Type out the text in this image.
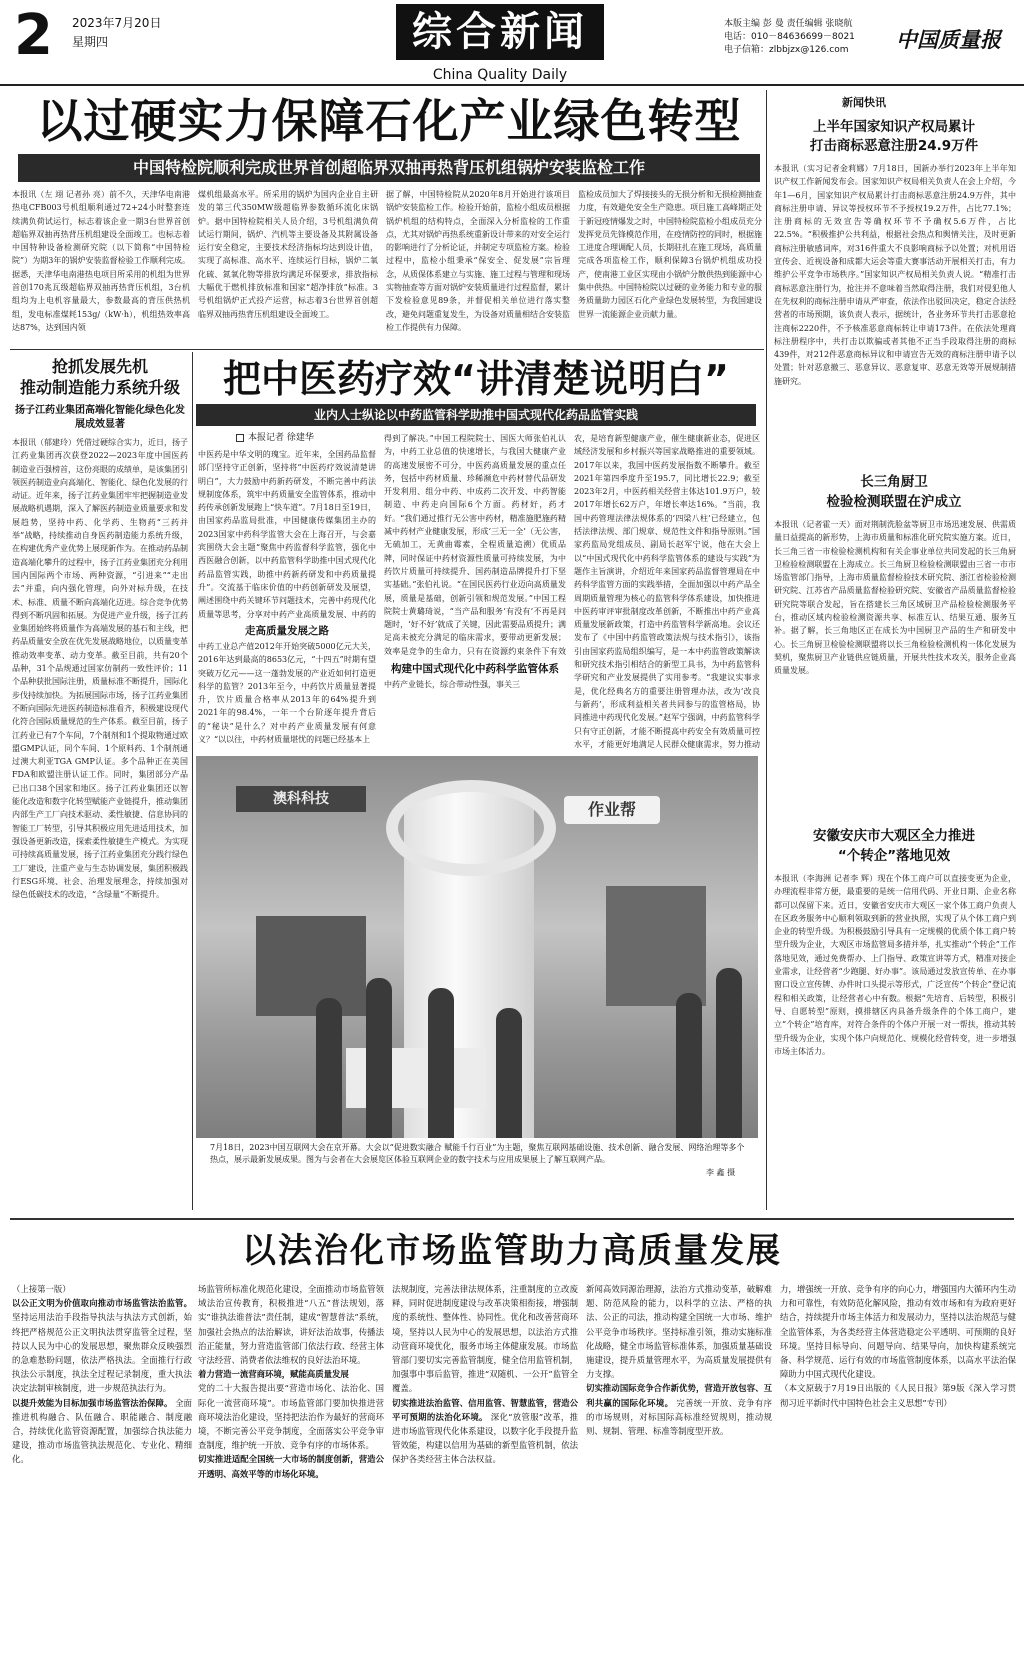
2 2023年7月20日
星期四	综合新闻
China Quality Daily
本版主编 彭 曼 责任编辑 张晓航
电话：010－84636699－8021
电子信箱：zlbbjzx@126.com	中国质量报
以过硬实力保障石化产业绿色转型
中国特检院顺利完成世界首创超临界双抽再热背压机组锅炉安装监检工作
本报讯（左 翊 记者孙 亮）前不久，天津华电南港热电CFB003号机组顺利通过72+24小时整套连续满负荷试运行，标志着该企业一期3台世界首创超临界双抽再热背压机组建设全面竣工。也标志着中国特种设备检测研究院（以下简称“中国特检院”）为期3年的锅炉安装监督检验工作顺利完成。据悉，天津华电南港热电项目所采用的机组为世界首创170兆瓦级超临界双抽再热背压机组，3台机组均为上电机容量最大，参数最高的背压供热机组，发电标准煤耗153g/（kW·h），机组热效率高达87%，达到国内领
煤机组最高水平。所采用的锅炉为国内企业自主研发的第三代350MW级超临界参数循环流化床锅炉。据中国特检院相关人员介绍，3号机组满负荷试运行期间，锅炉、汽机等主要设备及其附属设备运行安全稳定，主要技术经济指标均达到设计值，实现了高标准、高水平、连续运行目标，锅炉二氧化硫、氮氧化物等排放均满足环保要求，排放指标大幅优于燃机排放标准和国家“超净排放”标准。3号机组锅炉正式投产运营，标志着3台世界首创超临界双抽再热背压机组建设全面竣工。
据了解，中国特检院从2020年8月开始进行该项目锅炉安装监检工作。检验开始前，监检小组成员根据锅炉机组的结构特点，全面深入分析监检的工作重点，尤其对锅炉再热系统重新设计带来的对安全运行的影响进行了分析论证，并制定专项监检方案。检验过程中，监检小组秉承“保安全、促发展”宗旨理念，从质保体系建立与实施、施工过程与管理和现场实物抽查等方面对锅炉安装质量进行过程监督，累计下发检验意见89条，并督促相关单位进行落实整改，避免问题重复发生，为设备对质量相结合安装监检工作提供有力保障。
监检成员加大了焊接接头的无损分析和无损检测抽查力度，有效避免安全生产隐患。项目施工高峰期正处于新冠疫情爆发之时，中国特检院监检小组成员充分发挥党员先锋模范作用，在疫情防控的同时，根据施工进度合理调配人员，长期驻扎在施工现场，高质量完成各项监检工作，顺利保障3台锅炉机组成功投产，使南港工业区实现由小锅炉分散供热到能源中心集中供热。中国特检院以过硬的业务能力和专业的服务质量助力园区石化产业绿色发展转型，为我国建设世界一流能源企业贡献力量。
抢抓发展先机
推动制造能力系统升级
扬子江药业集团高端化智能化绿色化发展成效显著
本报讯（郁建玲）凭借过硬综合实力，近日，扬子江药业集团再次获登2022—2023年度中国医药制造业百强榜首，这份亮眼的成绩单，是该集团引领医药制造业向高端化、智能化、绿色化发展的行动证。近年来，扬子江药业集团牢牢把握制造业发展战略机遇期，深入了解医药制造业质量要求和发展趋势，坚持中药、化学药、生物药“三药并举”战略，持续推动自身医药制造能力系统升级，在构建优秀产业优势上展现新作为。在推动药品制造高端化攀升的过程中，扬子江药业集团充分利用国内国际两个市场、两种资源，“引进来”“走出去”并重，向内强化管理，向外对标升级，在技术、标准、质量不断向高端化迈进。综合竞争优势得到不断巩固和拓展。为促进产业升级，扬子江药业集团始终将质量作为高端发展的基石和主线，把药品质量安全放在优先发展战略地位，以质量变革推动效率变革、动力变革。截至目前，共有20个品种，31个品规通过国家仿制药一致性评价；11个品种获批国际注册，质量标准不断提升，国际化步伐持续加快。为拓展国际市场，扬子江药业集团不断向国际先进医药制造标准看齐，积极建设现代化符合国际质量规范的生产体系。截至目前，扬子江药业已有7个车间，7个制剂和1个提取物通过欧盟GMP认证，同个车间、1个原料药、1个制剂通过澳大利亚TGA GMP认证。多个品种正在美国FDA和欧盟注册认证工作。同时，集团部分产品已出口38个国家和地区。扬子江药业集团还以智能化改造和数字化转型赋能产业链提升，推动集团内部生产工厂向技术驱动、柔性敏捷、信息协同的智能工厂转型，引导其积极应用先进适用技术，加强设备更新改造，探索柔性敏捷生产模式。为实现可持续高质量发展，扬子江药业集团充分践行绿色工厂建设，注重产业与生态协调发展，集团积极践行ESG环境、社会、治理发展理念，持续加强对绿色低碳技术的改造，“含绿量”不断提升。
把中医药疗效“讲清楚说明白”
业内人士纵论以中药监管科学助推中国式现代化药品监管实践
本报记者 徐建华
中医药是中华文明的瑰宝。近年来，全国药品监督部门坚持守正创新，坚持将“中医药疗效说清楚讲明白”，大力鼓励中药新药研发，不断完善中药法规制度体系，筑牢中药质量安全监管体系，推动中药传承创新发展跑上“快车道”。7月18日至19日，由国家药品监局批准，中国健康传媒集团主办的2023国家中药科学监管大会在上海召开，与会嘉宾围绕大会主题“聚焦中药监督科学监管，强化中西医融合创新，以中药监管科学助推中国式现代化药品监管实践，助推中药新药研发和中药质量提升”。交流基于临床价值的中药创新研发及展望，阐述围绕中药关键环节问题技术，完善中药现代化质量等思考，分享对中药产业高质量发展、中药的
走高质量发展之路
中药工业总产值2012年开始突破5000亿元大关，2016年达到最高的8653亿元，“十四五”时期有望突破万亿元——这一蓬勃发展的产业近如何打造更科学的监管？2013年至今，中药饮片质量显著提升，饮片质量合格率从2013年的64%提升到2021年的98.4%，一年一个台阶逐年提升背后的“秘诀”是什么？对中药产业质量发展有何意义？“以以往，中药材质量堪忧的问题已经基本上
得到了解决。”中国工程院院士、国医大师张伯礼认为，中药工业总值的快速增长，与我国大健康产业的高速发展密不可分，中医药高质量发展的重点任务，包括中药材质量、珍稀濒危中药材替代品研发开发利用、组分中药、中成药二次开发、中药智能制造、中药走向国际6个方面。药材好，药才好。“我们通过推行无公害中药材，精准施肥施药精减中药材产业健康发展，形成‘三无一全’（无公害，无硫加工，无黄曲霉素，全程质量追溯）优质品牌，同时保证中药材资源性质量可持续发展，为中药饮片质量可持续提升、国药制造品牌提升打下坚实基础。”张伯礼说。“在国民医药行业迈向高质量发展，质量是基础，创新引领和规范发展。”中国工程院院士黄璐琦说，“当产品和服务‘有没有’不再是问题时，‘好不好’就成了关键，因此需要品质提升；满足高未被充分满足的临床需求，要带动更新发展；效率是竞争的生命力，只有在资源约束条件下有效
构建中国式现代化中药科学监管体系
中药产业链长，综合带动性强，事关三
农，是培育新型健康产业，催生健康新业态，促进区域经济发展和乡村振兴等国家战略推进的重要领域。2017年以来，我国中医药发展指数不断攀升。截至2021年第四季度升至195.7，同比增长22.9；截至2023年2月，中医药相关经营主体达101.9万户，较2017年增长62万户，年增长率达16%。“当前，我国中药管理法律法规体系的‘四梁八柱’已经建立，包括法律法规、部门规章、规范性文件和指导原则。”国家药监局党组成员、副局长赵军宁说，他在大会上以“中国式现代化中药科学监管体系的建设与实践”为题作主旨演讲，介绍近年来国家药品监督管理局在中药科学监管方面的实践举措，全面加强以中药产品全周期质量管理为核心的监管科学体系建设，加快推进中医药审评审批制度改革创新，不断推出中药产业高质量发展新政策，打造中药监管科学新高地。会议还发布了《中国中药监管政策法规与技术指引》，该指引由国家药监局组织编写，是一本中药监管政策解读和研究技术指引相结合的新型工具书，为中药监管科学研究和产业发展提供了实用参考。“我建议实事求是，优化经典名方的重要注册管理办法，改为‘改良与新药’，形成利益相关者共同参与的监管格局，协同推进中药现代化发展。”赵军宁强调，中药监管科学只有守正创新，才能不断提高中药安全有效质量可控水平，才能更好地满足人民群众健康需求，努力推动
澳科科技
作业帮
7月18日，2023中国互联网大会在京开幕。大会以“促进数实融合 赋能千行百业”为主题，聚焦互联网基础设施、技术创新、融合发展、网络治理等多个热点，展示最新发展成果。图为与会者在大会展览区体验互联网企业的数字技术与应用成果展上了解互联网产品。
李 鑫 摄
新闻快讯
上半年国家知识产权局累计
打击商标恶意注册24.9万件
本报讯（实习记者金莉娜）7月18日，国新办举行2023年上半年知识产权工作新闻发布会。国家知识产权局相关负责人在会上介绍，今年1—6月，国家知识产权局累计打击商标恶意注册24.9万件，其中商标注册申请、异议等授权环节不予授权19.2万件，占比77.1%；注册商标的无效宣告等确权环节不予确权5.6万件，占比22.5%。“积极推护公共利益，根据社会热点和舆情关注，及时更新商标注册敏感词库，对316件重大不良影响商标予以处置；对机用语宣传会、近视设备和成都大运会等重大赛事活动开展相关打击，有力维护公平竞争市场秩序。”国家知识产权局相关负责人说。“精准打击商标恶意注册行为，抢注并不意味着当然取得注册，我们对侵犯他人在先权利的商标注册申请从严审查，依法作出驳回决定，稳定合法经营者的市场预期，该负责人表示，据统计，各业务环节共打击恶意抢注商标2220件，不予核准恶意商标转让申请173件。在依法处理商标注册程序中，共打击以欺骗或者其他不正当手段取得注册的商标439件，对212件恶意商标异议和申请宣告无效的商标注册申请予以处置；针对恶意撤三、恶意异议、恶意复审、恶意无效等开展规制措施研究。
长三角厨卫
检验检测联盟在沪成立
本报讯（记者霍一天）面对荆制洗脸盆等厨卫市场迅速发展、供需质量日益提高的新形势，上海市质量和标准化研究院实施方案。近日，长三角三省一市检验检测机构和有关企事业单位共同发起的长三角厨卫检验检测联盟在上海成立。长三角厨卫检验检测联盟由三省一市市场监管部门指导，上海市质量监督检验技术研究院、浙江省检验检测研究院、江苏省产品质量监督检验研究院、安徽省产品质量监督检验研究院等联合发起，旨在搭建长三角区域厨卫产品检验检测服务平台，推动区域内检验检测资源共享、标准互认、结果互通、服务互补。据了解，长三角地区正在成长为中国厨卫产品的生产和研发中心。长三角厨卫检验检测联盟将以长三角检验检测机构一体化发展为契机，聚焦厨卫产业链供应链质量，开展共性技术攻关，服务企业高质量发展。
安徽安庆市大观区全力推进
“个转企”落地见效
本报讯（李海洲 记者李 辉）现在个体工商户可以直接变更为企业，办理流程非常方便，最重要的是统一信用代码、开业日期、企业名称都可以保留下来。近日，安徽省安庆市大观区一家个体工商户负责人在区政务服务中心顺利领取到新的营业执照，实现了从个体工商户到企业的转型升级。为积极鼓励引导具有一定规模的优质个体工商户转型升级为企业，大观区市场监管局多措并举，扎实推动“个转企”工作落地见效，通过免费帮办、上门指导、政策宣讲等方式，精准对接企业需求，让经营者“少跑腿、好办事”。该局通过发放宣传单、在办事窗口设立宣传牌、办件时口头提示等形式，广泛宣传“个转企”登记流程和相关政策，让经营者心中有数。根据“先培育、后转型，积极引导、自愿转型”原则，摸排辖区内具备升级条件的个体工商户，建立“个转企”培育库，对符合条件的个体户开展一对一帮扶，推动其转型升级为企业，实现个体户向规范化、规模化经营转变，进一步增强市场主体活力。
以法治化市场监管助力高质量发展
（上接第一版）
以公正文明为价值取向推动市场监管法治监管。 坚持运用法治手段指导执法与执法方式创新，始终把严格规范公正文明执法贯穿监管全过程，坚持以人民为中心的发展思想，聚焦群众反映强烈的急难愁盼问题，依法严格执法。全面推行行政执法公示制度，执法全过程记录制度，重大执法决定法制审核制度，进一步规范执法行为。
以提升效能为目标加强市场监管法治保障。 全面推进机构融合、队伍融合、职能融合、制度融合，持续优化监管资源配置，加强综合执法能力建设，推动市场监管执法规范化、专业化、精细化。
场监管所标准化规范化建设，全面推动市场监管领域法治宣传教育，积极推进“八五”普法规划，落实“谁执法谁普法”责任制，建成“智慧普法”系统，加强社会热点的法治解读，讲好法治故事，传播法治正能量，努力营造监管部门依法行政、经营主体守法经营、消费者依法维权的良好法治环境。
着力营造一流营商环境，赋能高质量发展
党的二十大报告提出要“营造市场化、法治化、国际化一流营商环境”。市场监管部门要加快推进营商环境法治化建设，坚持把法治作为最好的营商环境，不断完善公平竞争制度，全面落实公平竞争审查制度，维护统一开放、竞争有序的市场体系。
切实推进适配全国统一大市场的制度创新，营造公开透明、高效平等的市场化环境。
法规制度，完善法律法规体系，注重制度的立改废释，同时促进制度建设与改革决策相衔接，增强制度的系统性、整体性、协同性。优化和改善营商环境，坚持以人民为中心的发展思想，以法治方式推动营商环境优化，服务市场主体健康发展。市场监管部门要切实完善监管制度，健全信用监管机制，加强事中事后监管，推进“双随机、一公开”监管全覆盖。
切实推进法治监管、信用监管、智慧监管，营造公平可预期的法治化环境。 深化“放管服”改革，推进市场监管现代化体系建设，以数字化手段提升监管效能，构建以信用为基础的新型监管机制，依法保护各类经营主体合法权益。
新闻高效同源治理源，法治方式推动变革，破解难题、防范风险的能力，以科学的立法、严格的执法、公正的司法，推动构建全国统一大市场、维护公平竞争市场秩序。坚持标准引领，推动实施标准化战略，健全市场监管标准体系，加强质量基础设施建设，提升质量管理水平，为高质量发展提供有力支撑。
切实推动国际竞争合作新优势，营造开放包容、互利共赢的国际化环境。 完善统一开放、竞争有序的市场规则，对标国际高标准经贸规则，推动规则、规制、管理、标准等制度型开放。
力，增强统一开放、竞争有序的向心力，增强国内大循环内生动力和可靠性，有效防范化解风险，推动有效市场和有为政府更好结合，持续提升市场主体活力和发展动力，坚持以法治规范与健全监管体系，为各类经营主体营造稳定公平透明、可预期的良好环境。坚持目标导向、问题导向、结果导向，加快构建系统完备、科学规范、运行有效的市场监管制度体系，以高水平法治保障助力中国式现代化建设。
（本文原载于7月19日出版的《人民日报》第9版《深入学习贯彻习近平新时代中国特色社会主义思想”专刊）
